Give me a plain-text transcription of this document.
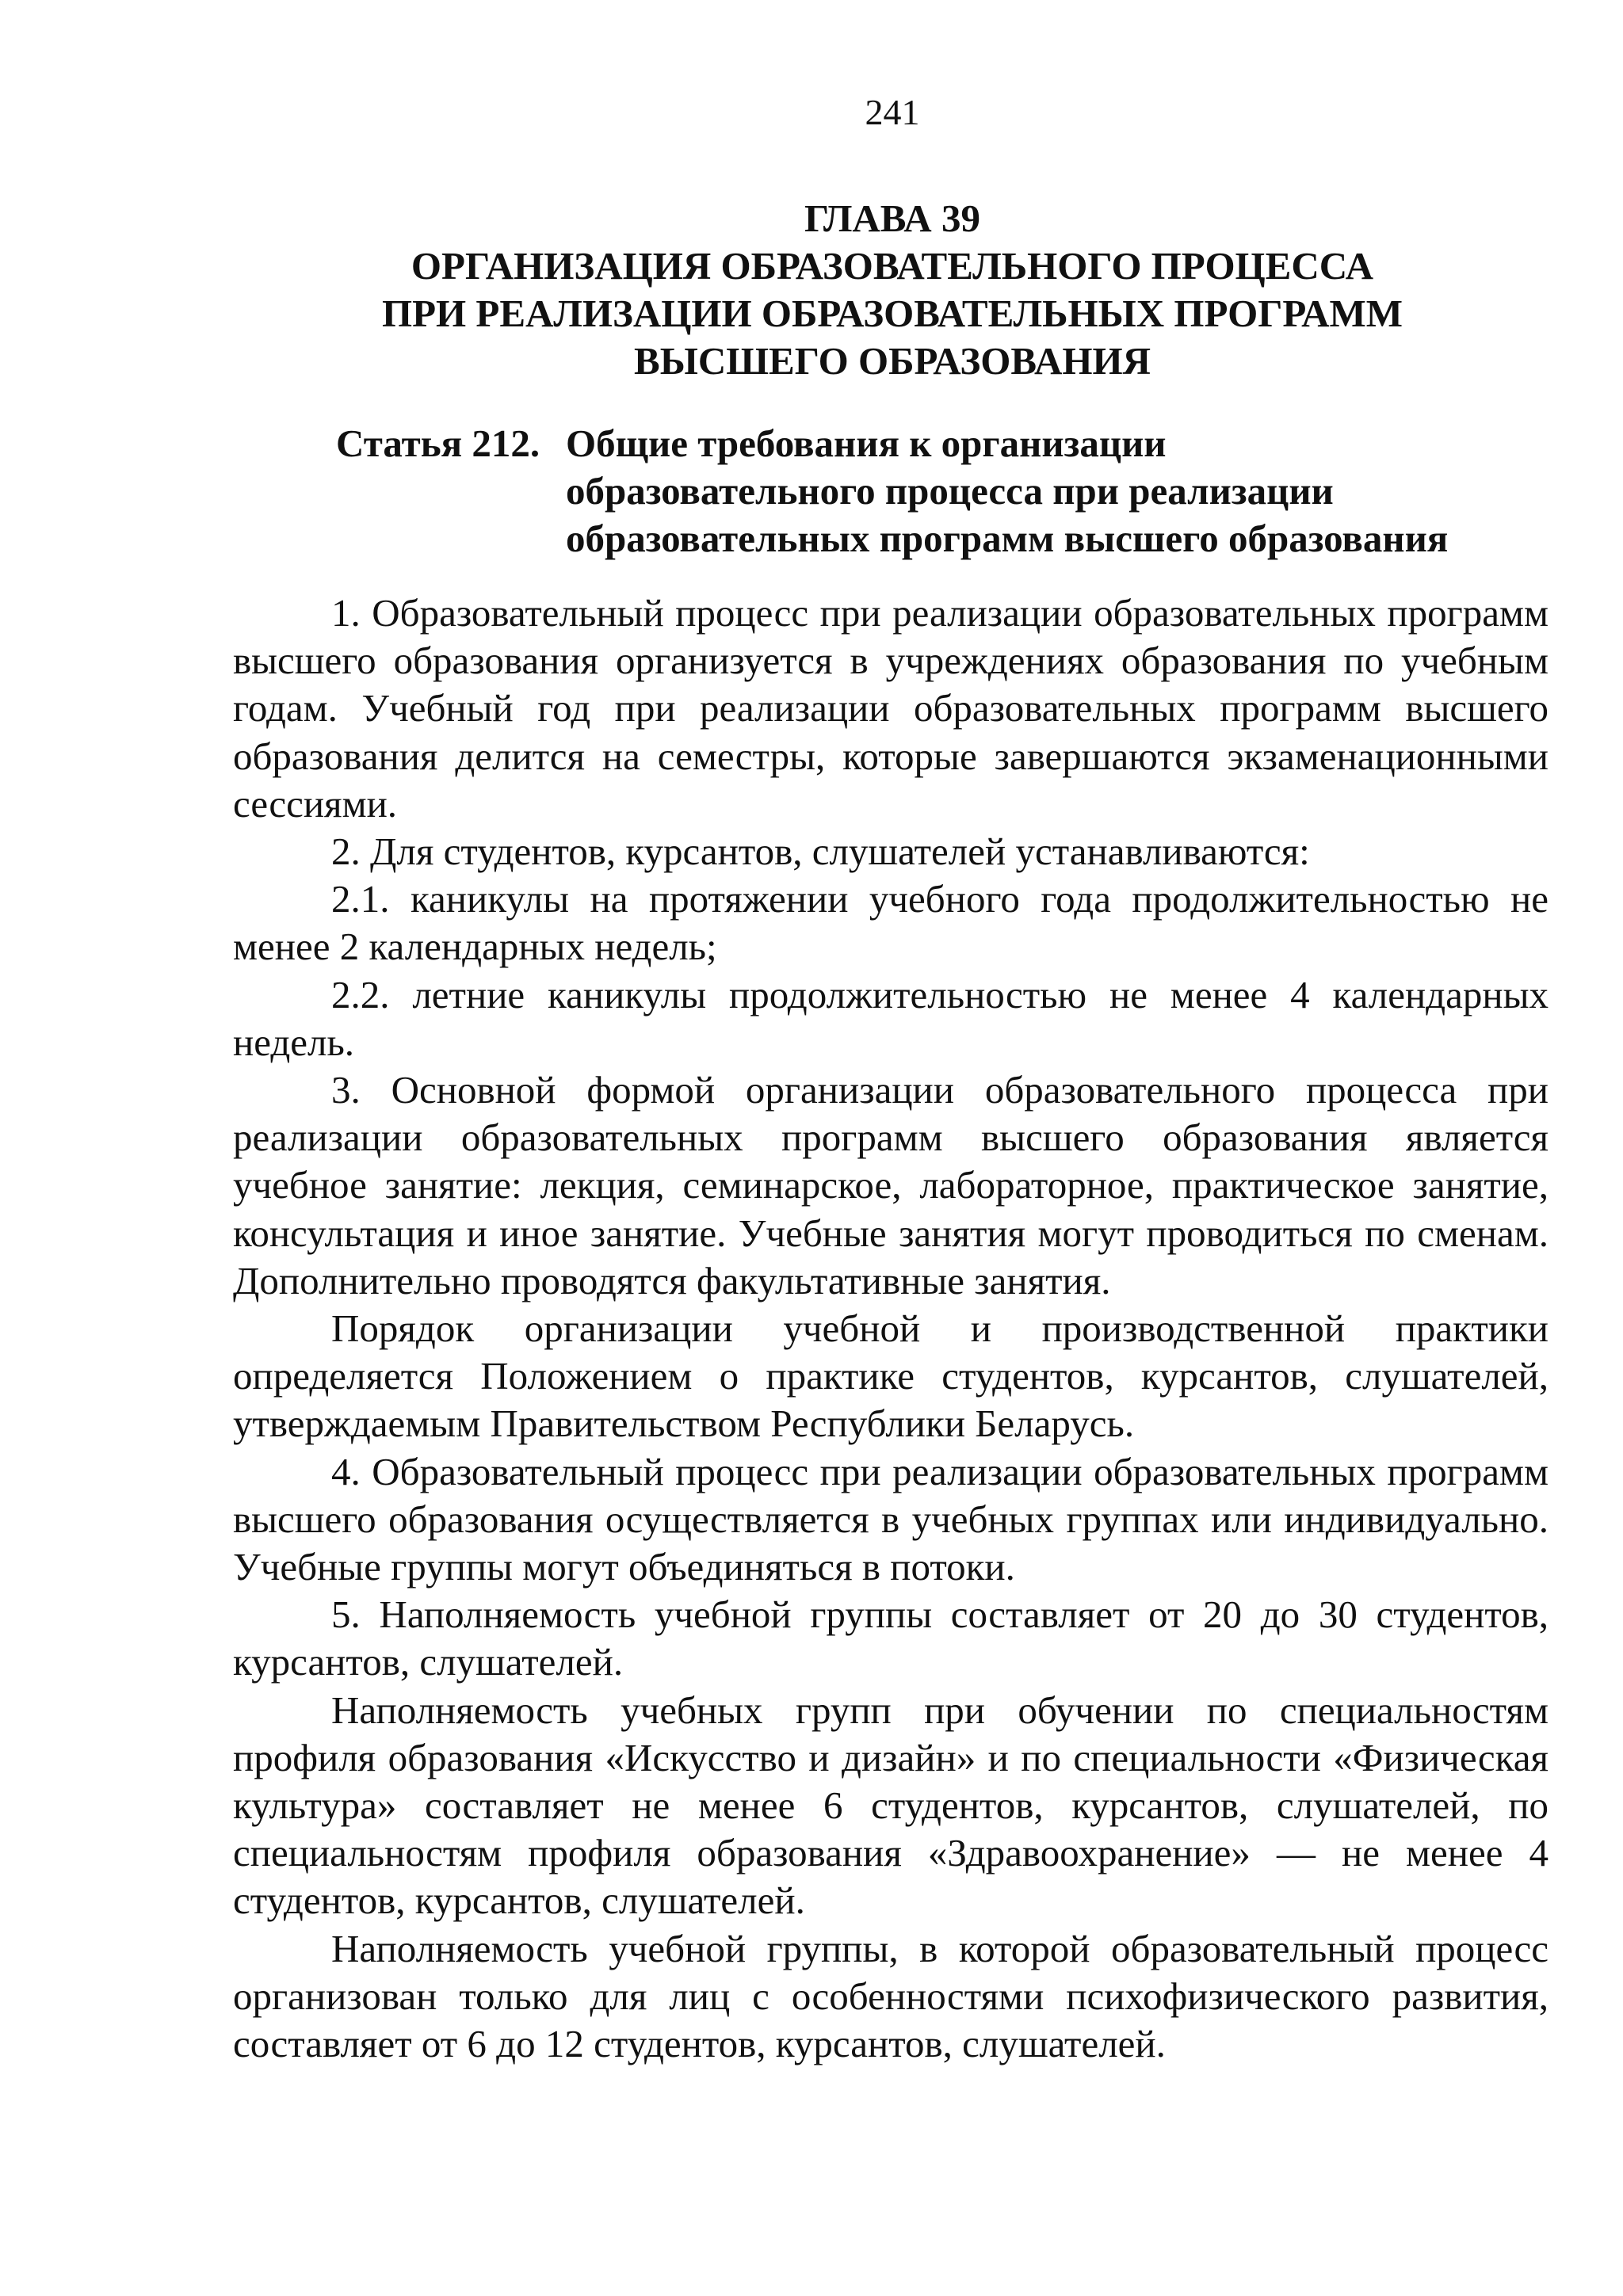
241
ГЛАВА 39
ОРГАНИЗАЦИЯ ОБРАЗОВАТЕЛЬНОГО ПРОЦЕССА
ПРИ РЕАЛИЗАЦИИ ОБРАЗОВАТЕЛЬНЫХ ПРОГРАММ
ВЫСШЕГО ОБРАЗОВАНИЯ
Статья 212. Общие требования к организации
образовательного процесса при реализации
образовательных программ высшего образования

1. Образовательный процесс при реализации образовательных программ высшего образования организуется в учреждениях образования по учебным годам. Учебный год при реализации образовательных программ высшего образования делится на семестры, которые завершаются экзаменационными сессиями.

2. Для студентов, курсантов, слушателей устанавливаются:

2.1. каникулы на протяжении учебного года продолжительностью не менее 2 календарных недель;

2.2. летние каникулы продолжительностью не менее 4 календарных недель.

3. Основной формой организации образовательного процесса при реализации образовательных программ высшего образования является учебное занятие: лекция, семинарское, лабораторное, практическое занятие, консультация и иное занятие. Учебные занятия могут проводиться по сменам. Дополнительно проводятся факультативные занятия.

Порядок организации учебной и производственной практики определяется Положением о практике студентов, курсантов, слушателей, утверждаемым Правительством Республики Беларусь.

4. Образовательный процесс при реализации образовательных программ высшего образования осуществляется в учебных группах или индивидуально. Учебные группы могут объединяться в потоки.

5. Наполняемость учебной группы составляет от 20 до 30 студентов, курсантов, слушателей.

Наполняемость учебных групп при обучении по специальностям профиля образования «Искусство и дизайн» и по специальности «Физическая культура» составляет не менее 6 студентов, курсантов, слушателей, по специальностям профиля образования «Здравоохранение» — не менее 4 студентов, курсантов, слушателей.

Наполняемость учебной группы, в которой образовательный процесс организован только для лиц с особенностями психофизического развития, составляет от 6 до 12 студентов, курсантов, слушателей.
